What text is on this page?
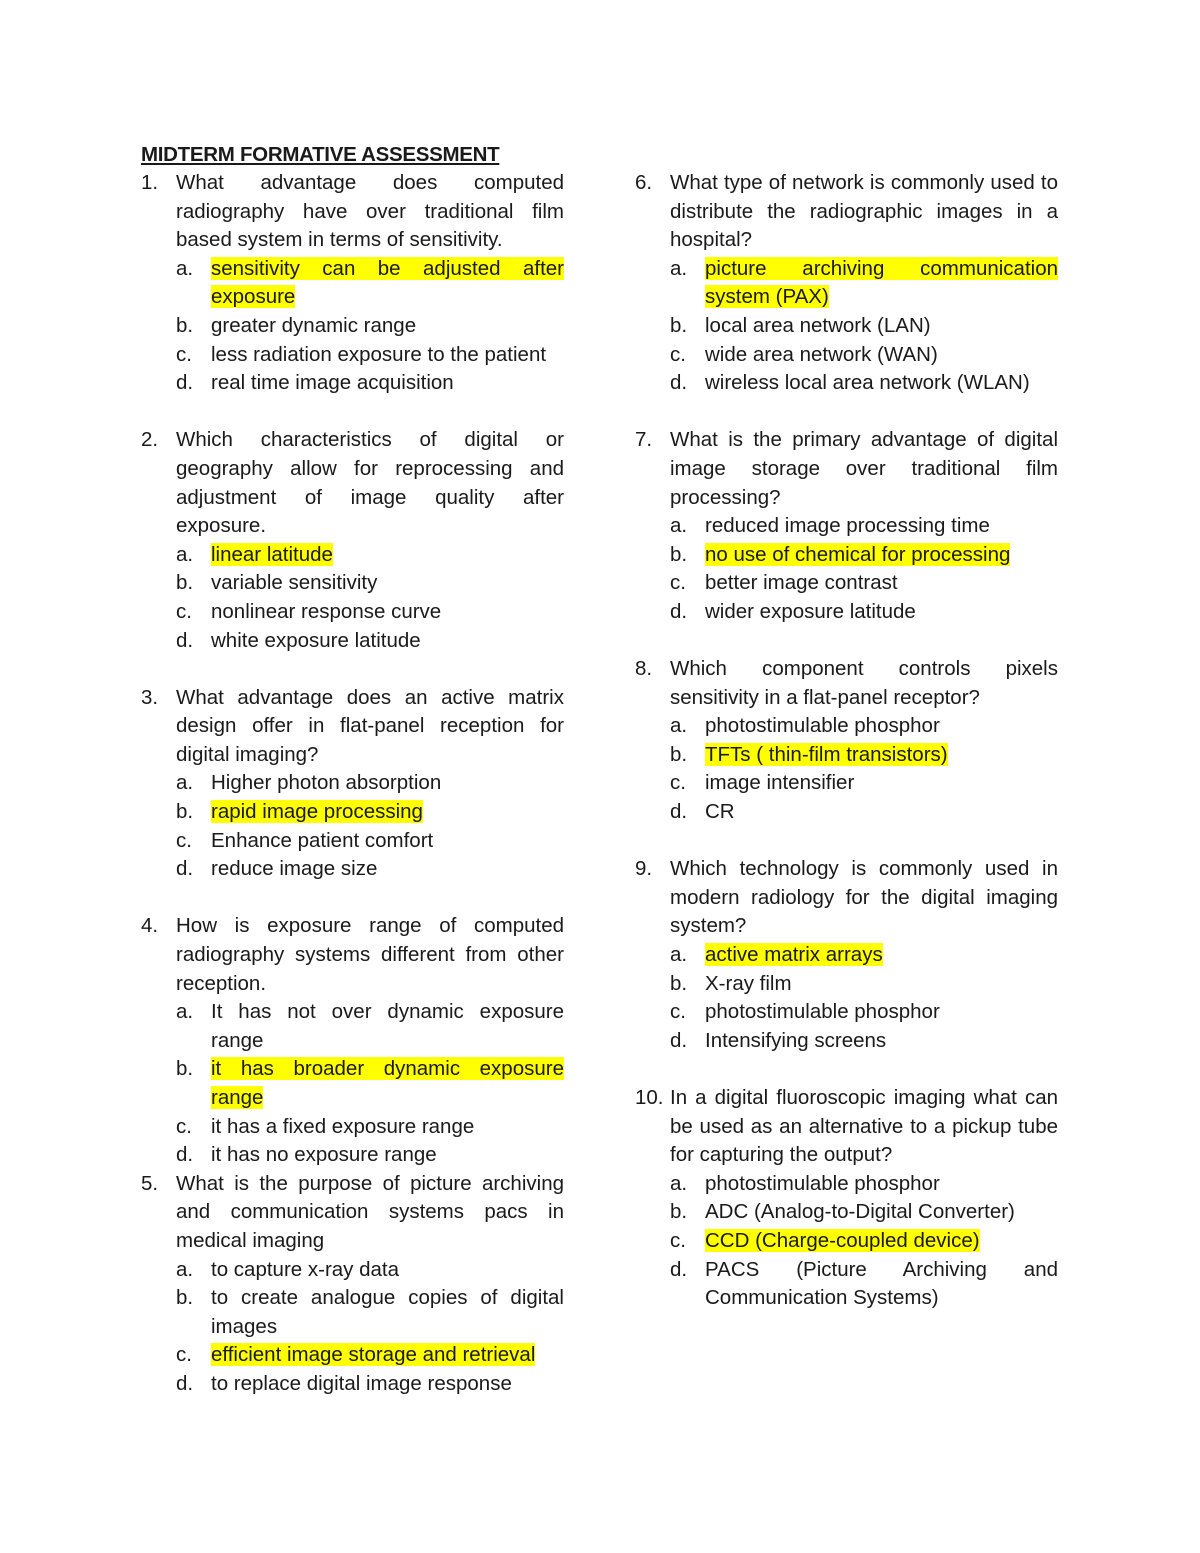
MIDTERM FORMATIVE ASSESSMENT
1. What advantage does computed radiography have over traditional film based system in terms of sensitivity.
a. sensitivity can be adjusted after exposure
b. greater dynamic range
c. less radiation exposure to the patient
d. real time image acquisition
2. Which characteristics of digital or geography allow for reprocessing and adjustment of image quality after exposure.
a. linear latitude
b. variable sensitivity
c. nonlinear response curve
d. white exposure latitude
3. What advantage does an active matrix design offer in flat-panel reception for digital imaging?
a. Higher photon absorption
b. rapid image processing
c. Enhance patient comfort
d. reduce image size
4. How is exposure range of computed radiography systems different from other reception.
a. It has not over dynamic exposure range
b. it has broader dynamic exposure range
c. it has a fixed exposure range
d. it has no exposure range
5. What is the purpose of picture archiving and communication systems pacs in medical imaging
a. to capture x-ray data
b. to create analogue copies of digital images
c. efficient image storage and retrieval
d. to replace digital image response
6. What type of network is commonly used to distribute the radiographic images in a hospital?
a. picture archiving communication system (PAX)
b. local area network (LAN)
c. wide area network (WAN)
d. wireless local area network (WLAN)
7. What is the primary advantage of digital image storage over traditional film processing?
a. reduced image processing time
b. no use of chemical for processing
c. better image contrast
d. wider exposure latitude
8. Which component controls pixels sensitivity in a flat-panel receptor?
a. photostimulable phosphor
b. TFTs ( thin-film transistors)
c. image intensifier
d. CR
9. Which technology is commonly used in modern radiology for the digital imaging system?
a. active matrix arrays
b. X-ray film
c. photostimulable phosphor
d. Intensifying screens
10. In a digital fluoroscopic imaging what can be used as an alternative to a pickup tube for capturing the output?
a. photostimulable phosphor
b. ADC (Analog-to-Digital Converter)
c. CCD (Charge-coupled device)
d. PACS (Picture Archiving and Communication Systems)
